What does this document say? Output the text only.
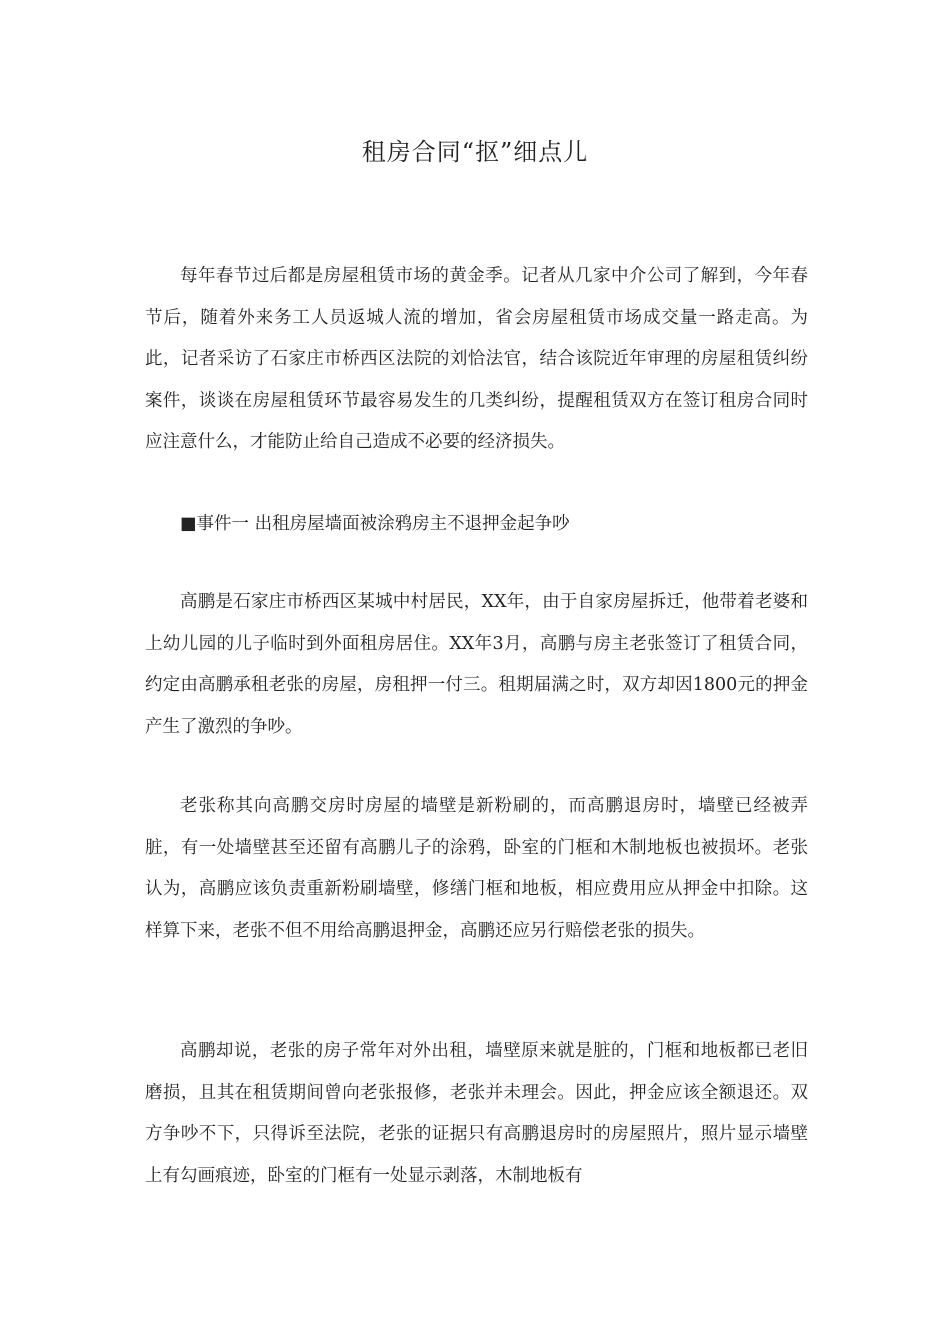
租房合同“抠”细点儿

每年春节过后都是房屋租赁市场的黄金季。记者从几家中介公司了解到，今年春节后，随着外来务工人员返城人流的增加，省会房屋租赁市场成交量一路走高。为此，记者采访了石家庄市桥西区法院的刘恰法官，结合该院近年审理的房屋租赁纠纷案件，谈谈在房屋租赁环节最容易发生的几类纠纷，提醒租赁双方在签订租房合同时应注意什么，才能防止给自己造成不必要的经济损失。

■事件一 出租房屋墙面被涂鸦房主不退押金起争吵

高鹏是石家庄市桥西区某城中村居民，XX年，由于自家房屋拆迁，他带着老婆和上幼儿园的儿子临时到外面租房居住。XX年3月，高鹏与房主老张签订了租赁合同，约定由高鹏承租老张的房屋，房租押一付三。租期届满之时，双方却因1800元的押金产生了激烈的争吵。

老张称其向高鹏交房时房屋的墙壁是新粉刷的，而高鹏退房时，墙壁已经被弄脏，有一处墙壁甚至还留有高鹏儿子的涂鸦，卧室的门框和木制地板也被损坏。老张认为，高鹏应该负责重新粉刷墙壁，修缮门框和地板，相应费用应从押金中扣除。这样算下来，老张不但不用给高鹏退押金，高鹏还应另行赔偿老张的损失。

高鹏却说，老张的房子常年对外出租，墙壁原来就是脏的，门框和地板都已老旧磨损，且其在租赁期间曾向老张报修，老张并未理会。因此，押金应该全额退还。双方争吵不下，只得诉至法院，老张的证据只有高鹏退房时的房屋照片，照片显示墙壁上有勾画痕迹，卧室的门框有一处显示剥落，木制地板有
